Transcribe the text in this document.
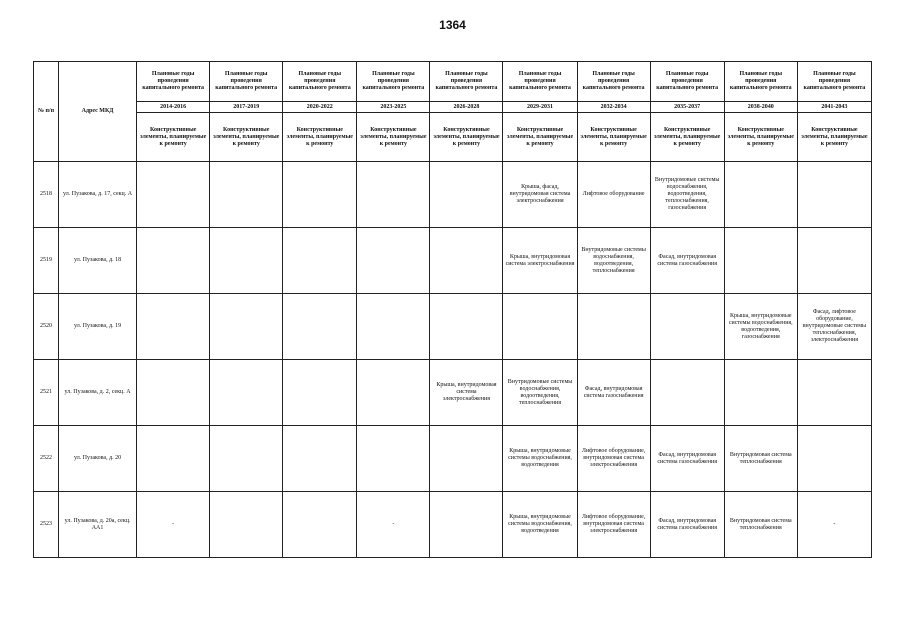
1364
№ п/п	Адрес МКД	Плановые годы проведения капитального ремонта	Плановые годы проведения капитального ремонта	Плановые годы проведения капитального ремонта	Плановые годы проведения капитального ремонта	Плановые годы проведения капитального ремонта	Плановые годы проведения капитального ремонта	Плановые годы проведения капитального ремонта	Плановые годы проведения капитального ремонта	Плановые годы проведения капитального ремонта	Плановые годы проведения капитального ремонта
		2014-2016	2017-2019	2020-2022	2023-2025	2026-2028	2029-2031	2032-2034	2035-2037	2038-2040	2041-2043
		Конструктивные элементы, планируемые к ремонту	Конструктивные элементы, планируемые к ремонту	Конструктивные элементы, планируемые к ремонту	Конструктивные элементы, планируемые к ремонту	Конструктивные элементы, планируемые к ремонту	Конструктивные элементы, планируемые к ремонту	Конструктивные элементы, планируемые к ремонту	Конструктивные элементы, планируемые к ремонту	Конструктивные элементы, планируемые к ремонту	Конструктивные элементы, планируемые к ремонту
2518	ул. Пузакова, д. 17, секц. А						Крыша, фасад, внутридомовая система электроснабжения	Лифтовое оборудование	Внутридомовые системы водоснабжения, водоотведения, теплоснабжения, газоснабжения		
2519	ул. Пузакова, д. 18						Крыша, внутридомовая система электроснабжения	Внутридомовые системы водоснабжения, водоотведения, теплоснабжения	Фасад, внутридомовая система газоснабжения		
2520	ул. Пузакова, д. 19									Крыша, внутридомовые системы водоснабжения, водоотведения, газоснабжения	Фасад, лифтовое оборудование, внутридомовые системы теплоснабжения, электроснабжения
2521	ул. Пузакова, д. 2, секц. А					Крыша, внутридомовая система электроснабжения	Внутридомовые системы водоснабжения, водоотведения, теплоснабжения	Фасад, внутридомовая система газоснабжения			
2522	ул. Пузакова, д. 20						Крыша, внутридомовые системы водоснабжения, водоотведения	Лифтовое оборудование, внутридомовая система электроснабжения	Фасад, внутридомовая система газоснабжения	Внутридомовая система теплоснабжения	
2523	ул. Пузакова, д. 20а, секц. АА1	-			-		Крыша, внутридомовые системы водоснабжения, водоотведения	Лифтовое оборудование, внутридомовая система электроснабжения	Фасад, внутридомовая система газоснабжения	Внутридомовая система теплоснабжения	-
